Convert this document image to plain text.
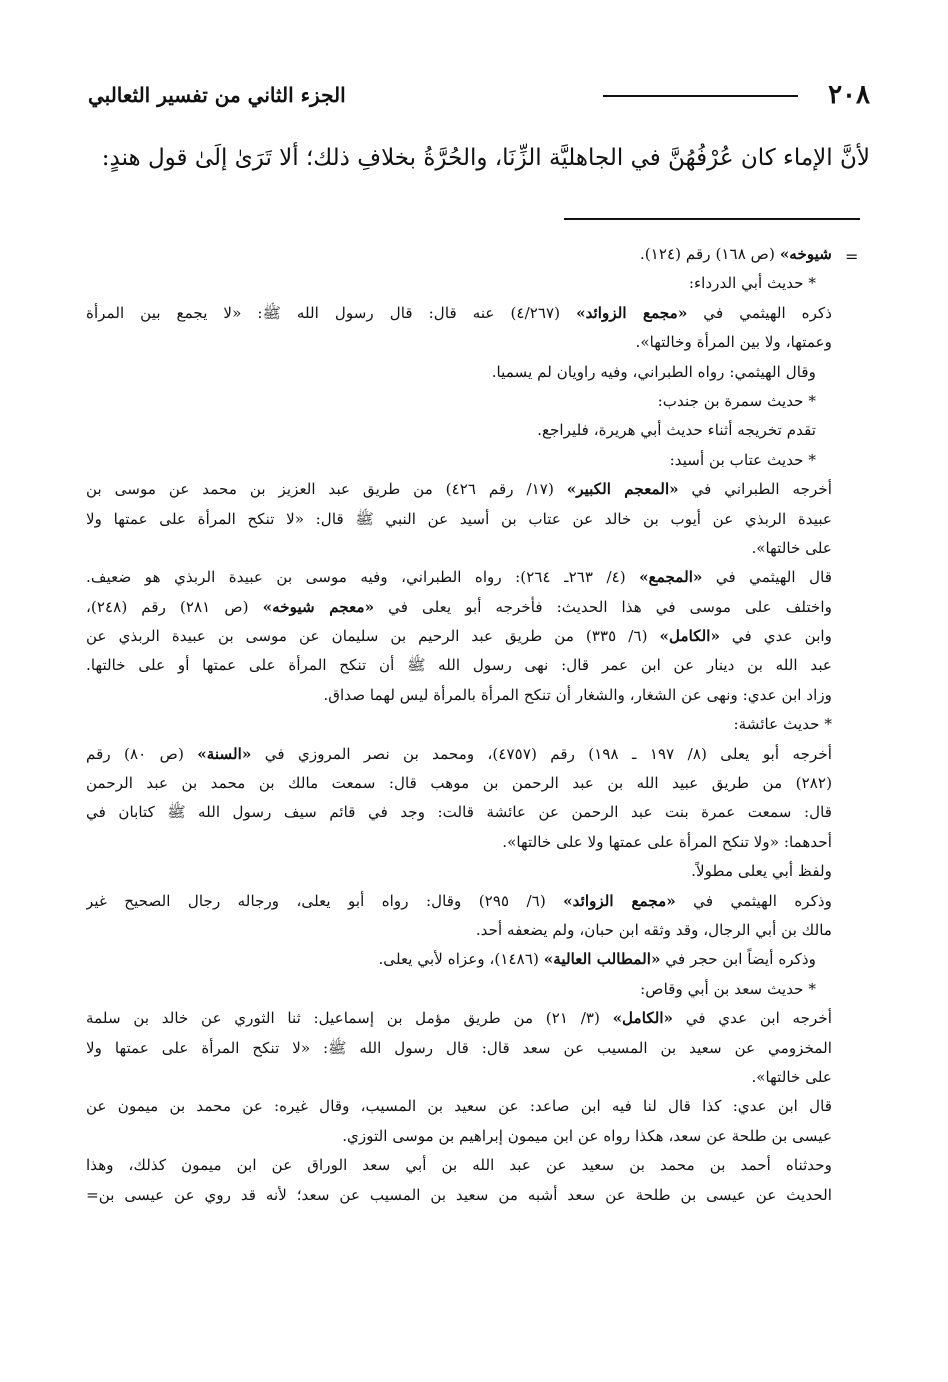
٢٠٨
الجزء الثاني من تفسير الثعالبي
لأنَّ الإماء كان عُرْفُهُنَّ في الجاهليَّة الزِّنَا، والحُرَّةُ بخلافِ ذلك؛ ألا تَرَىٰ إلَىٰ قول هندٍ:
=
شيوخه» (ص ١٦٨) رقم (١٢٤).
* حديث أبي الدرداء:
ذكره الهيثمي في «مجمع الزوائد» (٤/٢٦٧) عنه قال: قال رسول الله ﷺ: «لا يجمع بين المرأة
وعمتها، ولا بين المرأة وخالتها».
وقال الهيثمي: رواه الطبراني، وفيه راويان لم يسميا.
* حديث سمرة بن جندب:
تقدم تخريجه أثناء حديث أبي هريرة، فليراجع.
* حديث عتاب بن أسيد:
أخرجه الطبراني في «المعجم الكبير» (١٧/ رقم ٤٢٦) من طريق عبد العزيز بن محمد عن موسى بن
عبيدة الربذي عن أيوب بن خالد عن عتاب بن أسيد عن النبي ﷺ قال: «لا تنكح المرأة على عمتها ولا
على خالتها».
قال الهيثمي في «المجمع» (٤/ ٢٦٣ـ ٢٦٤): رواه الطبراني، وفيه موسى بن عبيدة الربذي هو ضعيف.
واختلف على موسى في هذا الحديث: فأخرجه أبو يعلى في «معجم شيوخه» (ص ٢٨١) رقم (٢٤٨)،
وابن عدي في «الكامل» (٦/ ٣٣٥) من طريق عبد الرحيم بن سليمان عن موسى بن عبيدة الربذي عن
عبد الله بن دينار عن ابن عمر قال: نهى رسول الله ﷺ أن تنكح المرأة على عمتها أو على خالتها.
وزاد ابن عدي: ونهى عن الشغار، والشغار أن تنكح المرأة بالمرأة ليس لهما صداق.
* حديث عائشة:
أخرجه أبو يعلى (٨/ ١٩٧ ـ ١٩٨) رقم (٤٧٥٧)، ومحمد بن نصر المروزي في «السنة» (ص ٨٠) رقم
(٢٨٢) من طريق عبيد الله بن عبد الرحمن بن موهب قال: سمعت مالك بن محمد بن عبد الرحمن
قال: سمعت عمرة بنت عبد الرحمن عن عائشة قالت: وجد في قائم سيف رسول الله ﷺ كتابان في
أحدهما: «ولا تنكح المرأة على عمتها ولا على خالتها».
ولفظ أبي يعلى مطولاً.
وذكره الهيثمي في «مجمع الزوائد» (٦/ ٢٩٥) وقال: رواه أبو يعلى، ورجاله رجال الصحيح غير
مالك بن أبي الرجال، وقد وثقه ابن حبان، ولم يضعفه أحد.
وذكره أيضاً ابن حجر في «المطالب العالية» (١٤٨٦)، وعزاه لأبي يعلى.
* حديث سعد بن أبي وقاص:
أخرجه ابن عدي في «الكامل» (٣/ ٢١) من طريق مؤمل بن إسماعيل: ثنا الثوري عن خالد بن سلمة
المخزومي عن سعيد بن المسيب عن سعد قال: قال رسول الله ﷺ: «لا تنكح المرأة على عمتها ولا
على خالتها».
قال ابن عدي: كذا قال لنا فيه ابن صاعد: عن سعيد بن المسيب، وقال غيره: عن محمد بن ميمون عن
عيسى بن طلحة عن سعد، هكذا رواه عن ابن ميمون إبراهيم بن موسى التوزي.
وحدثناه أحمد بن محمد بن سعيد عن عبد الله بن أبي سعد الوراق عن ابن ميمون كذلك، وهذا
الحديث عن عيسى بن طلحة عن سعد أشبه من سعيد بن المسيب عن سعد؛ لأنه قد روي عن عيسى بن=
